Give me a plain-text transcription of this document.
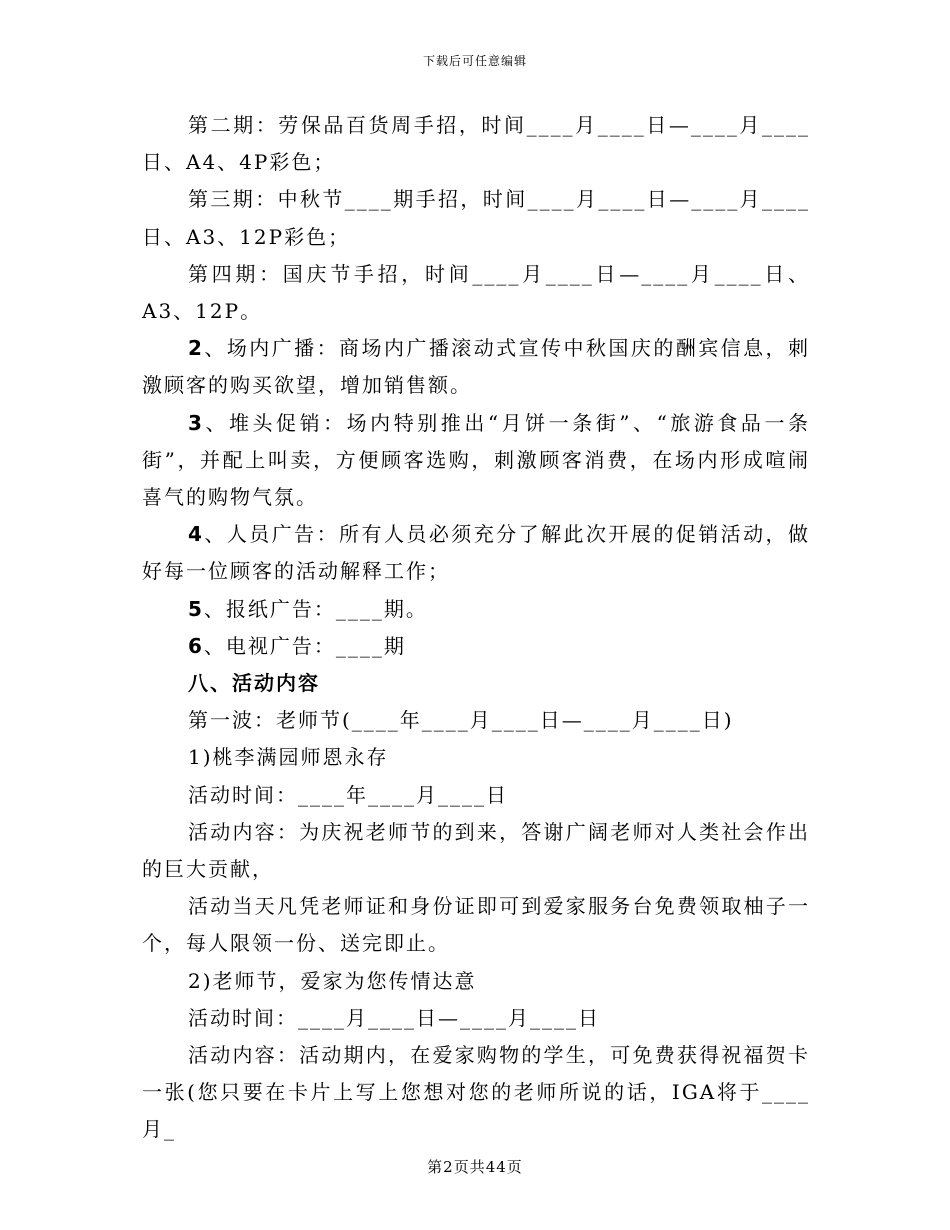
下载后可任意编辑

第二期：劳保品百货周手招，时间____月____日—____月____日、A4、4P彩色；

第三期：中秋节____期手招，时间____月____日—____月____日、A3、12P彩色；

第四期：国庆节手招，时间____月____日—____月____日、    A3、12P。

2、场内广播：商场内广播滚动式宣传中秋国庆的酬宾信息，刺激顾客的购买欲望，增加销售额。

3、堆头促销：场内特别推出“月饼一条街”、“旅游食品一条街”，并配上叫卖，方便顾客选购，刺激顾客消费，在场内形成喧闹喜气的购物气氛。

4、人员广告：所有人员必须充分了解此次开展的促销活动，做好每一位顾客的活动解释工作；

5、报纸广告：____期。

6、电视广告：____期

八、活动内容

第一波：老师节(____年____月____日—____月____日)

1)桃李满园师恩永存

活动时间：____年____月____日

活动内容：为庆祝老师节的到来，答谢广阔老师对人类社会作出的巨大贡献，

活动当天凡凭老师证和身份证即可到爱家服务台免费领取柚子一个，每人限领一份、送完即止。

2)老师节，爱家为您传情达意

活动时间：____月____日—____月____日

活动内容：活动期内，在爱家购物的学生，可免费获得祝福贺卡一张(您只要在卡片上写上您想对您的老师所说的话，IGA将于____月_

第2页共44页
